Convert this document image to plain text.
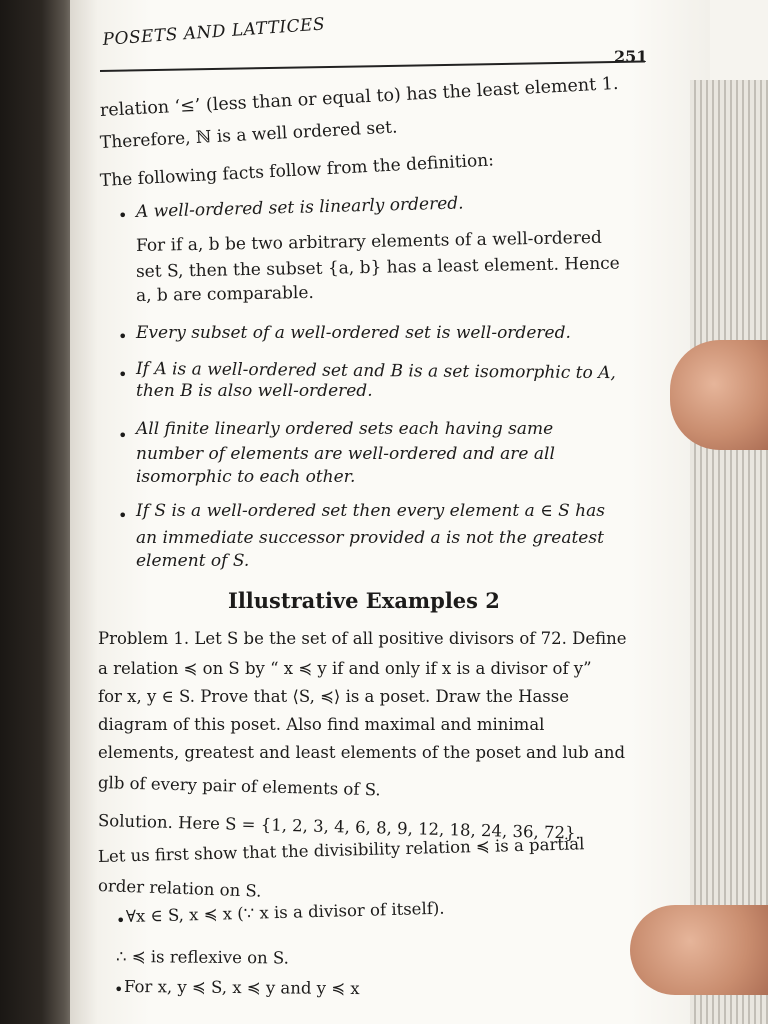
POSETS AND LATTICES
251
relation ‘≤’ (less than or equal to) has the least element 1.
Therefore, ℕ is a well ordered set.
The following facts follow from the definition:
• A well-ordered set is linearly ordered.
For if a, b be two arbitrary elements of a well-ordered
set S, then the subset {a, b} has a least element. Hence
a, b are comparable.
• Every subset of a well-ordered set is well-ordered.
• If A is a well-ordered set and B is a set isomorphic to A,
then B is also well-ordered.
• All finite linearly ordered sets each having same
number of elements are well-ordered and are all
isomorphic to each other.
• If S is a well-ordered set then every element a ∈ S has
an immediate successor provided a is not the greatest
element of S.
Illustrative Examples 2
Problem 1. Let S be the set of all positive divisors of 72. Define
a relation ≼ on S by “ x ≼ y if and only if x is a divisor of y”
for x, y ∈ S. Prove that ⟨S, ≼⟩ is a poset. Draw the Hasse
diagram of this poset. Also find maximal and minimal
elements, greatest and least elements of the poset and lub and
glb of every pair of elements of S.
Solution. Here S = {1, 2, 3, 4, 6, 8, 9, 12, 18, 24, 36, 72}.
Let us first show that the divisibility relation ≼ is a partial
order relation on S.
• ∀x ∈ S, x ≼ x (∵ x is a divisor of itself).
∴ ≼ is reflexive on S.
• For x, y ≼ S, x ≼ y and y ≼ x
